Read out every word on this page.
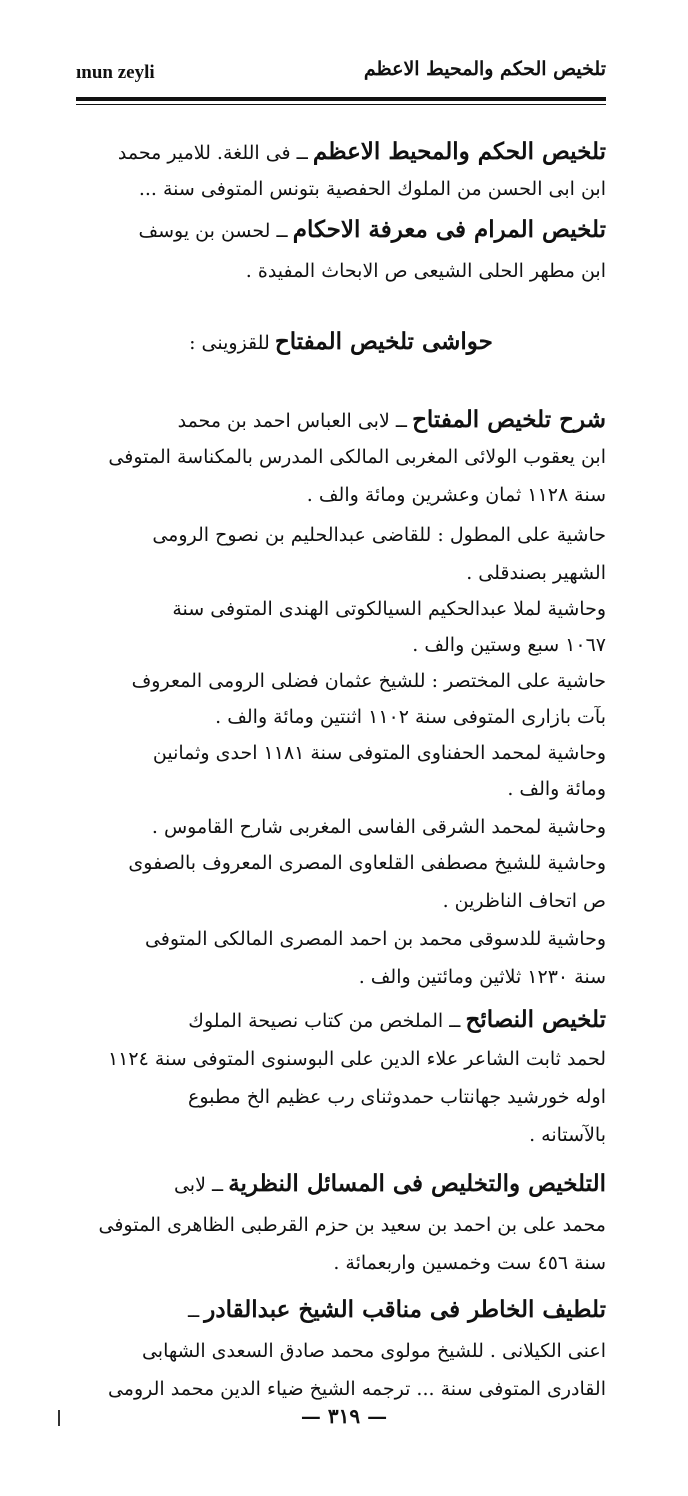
ınun zeyli	تلخيص الحكم والمحيط الاعظم
تلخيص الحكم والمحيط الاعظم ــ فى اللغة. للامير محمد
ابن ابى الحسن من الملوك الحفصية بتونس المتوفى سنة ...
تلخيص المرام فى معرفة الاحكام ــ لحسن بن يوسف
ابن مطهر الحلى الشيعى ص الابحاث المفيدة .
حواشى تلخيص المفتاح للقزوينى :
شرح تلخيص المفتاح ــ لابى العباس احمد بن محمد
ابن يعقوب الولائى المغربى المالكى المدرس بالمكناسة المتوفى
سنة ١١٢٨ ثمان وعشرين ومائة والف .
حاشية على المطول : للقاضى عبدالحليم بن نصوح الرومى
الشهير بصندقلى .
وحاشية لملا عبدالحكيم السيالكوتى الهندى المتوفى سنة
١٠٦٧ سبع وستين والف .
حاشية على المختصر : للشيخ عثمان فضلى الرومى المعروف
بآت بازارى المتوفى سنة ١١٠٢ اثنتين ومائة والف .
وحاشية لمحمد الحفناوى المتوفى سنة ١١٨١ احدى وثمانين
ومائة والف .
وحاشية لمحمد الشرقى الفاسى المغربى شارح القاموس .
وحاشية للشيخ مصطفى القلعاوى المصرى المعروف بالصفوى
ص اتحاف الناظرين .
وحاشية للدسوقى محمد بن احمد المصرى المالكى المتوفى
سنة ١٢٣٠ ثلاثين ومائتين والف .
تلخيص النصائح ــ الملخص من كتاب نصيحة الملوك
لحمد ثابت الشاعر علاء الدين على البوسنوى المتوفى سنة ١١٢٤
اوله خورشيد جهانتاب حمدوثناى رب عظيم الخ مطبوع
بالآستانه .
التلخيص والتخليص فى المسائل النظرية ــ لابى
محمد على بن احمد بن سعيد بن حزم القرطبى الظاهرى المتوفى
سنة ٤٥٦ ست وخمسين واربعمائة .
تلطيف الخاطر فى مناقب الشيخ عبدالقادر ــ
اعنى الكيلانى . للشيخ مولوى محمد صادق السعدى الشهابى
القادرى المتوفى سنة ... ترجمه الشيخ ضياء الدين محمد الرومى
— ٣١٩ —
